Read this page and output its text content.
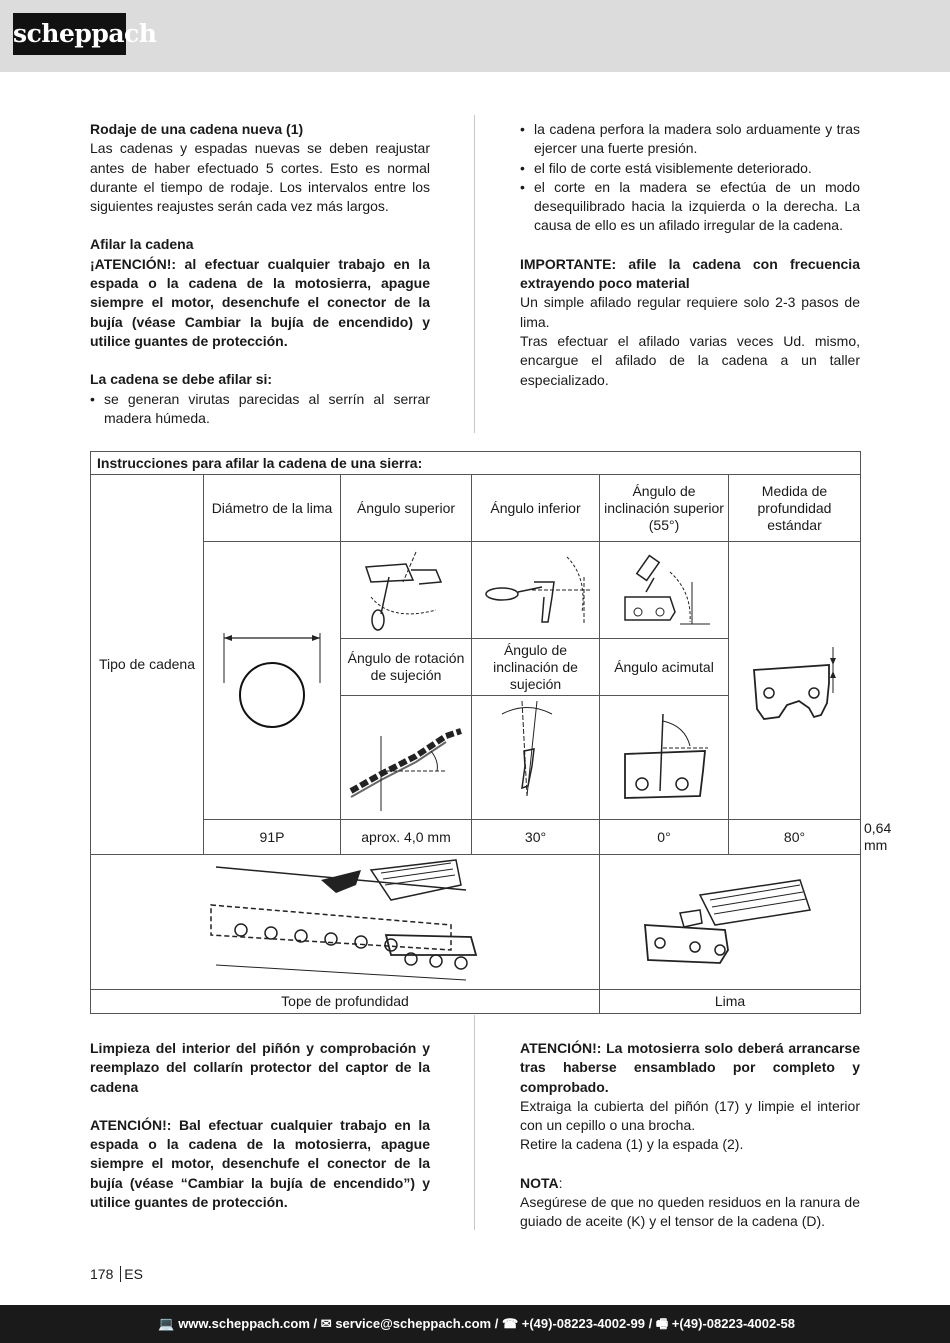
scheppach

Rodaje de una cadena nueva (1)

Las cadenas y espadas nuevas se deben reajustar antes de haber efectuado 5 cortes. Esto es normal durante el tiempo de rodaje. Los intervalos entre los siguientes reajustes serán cada vez más largos.

Afilar la cadena

¡ATENCIÓN!: al efectuar cualquier trabajo en la espada o la cadena de la motosierra, apague siempre el motor, desenchufe el conector de la bujía (véase Cambiar la bujía de encendido) y utilice guantes de protección.

La cadena se debe afilar si:

• se generan virutas parecidas al serrín al serrar madera húmeda.
• la cadena perfora la madera solo arduamente y tras ejercer una fuerte presión.
• el filo de corte está visiblemente deteriorado.
• el corte en la madera se efectúa de un modo desequilibrado hacia la izquierda o la derecha. La causa de ello es un afilado irregular de la cadena.

IMPORTANTE: afile la cadena con frecuencia extrayendo poco material

Un simple afilado regular requiere solo 2-3 pasos de lima.

Tras efectuar el afilado varias veces Ud. mismo, encargue el afilado de la cadena a un taller especializado.

Instrucciones para afilar la cadena de una sierra:						
Tipo de cadena	Diámetro de la lima	Ángulo superior	Ángulo inferior	Ángulo de inclinación superior (55°)	Medida de profundidad estándar	

		Ángulo de rotación de sujeción	Ángulo de inclinación de sujeción	Ángulo acimutal		

	91P	aprox. 4,0 mm	30°	0°	80°	0,64 mm

Tope de profundidad				Lima		

Limpieza del interior del piñón y comprobación y reemplazo del collarín protector del captor de la cadena

ATENCIÓN!: Bal efectuar cualquier trabajo en la espada o la cadena de la motosierra, apague siempre el motor, desenchufe el conector de la bujía (véase “Cambiar la bujía de encendido”) y utilice guantes de protección.

ATENCIÓN!: La motosierra solo deberá arrancarse tras haberse ensamblado por completo y comprobado.

Extraiga la cubierta del piñón (17) y limpie el interior con un cepillo o una brocha.

Retire la cadena (1) y la espada (2).

NOTA:

Asegúrese de que no queden residuos en la ranura de guiado de aceite (K) y el tensor de la cadena (D).

178 ES
💻 www.scheppach.com / ✉ service@scheppach.com / ☎ +(49)-08223-4002-99 / 🖷 +(49)-08223-4002-58
